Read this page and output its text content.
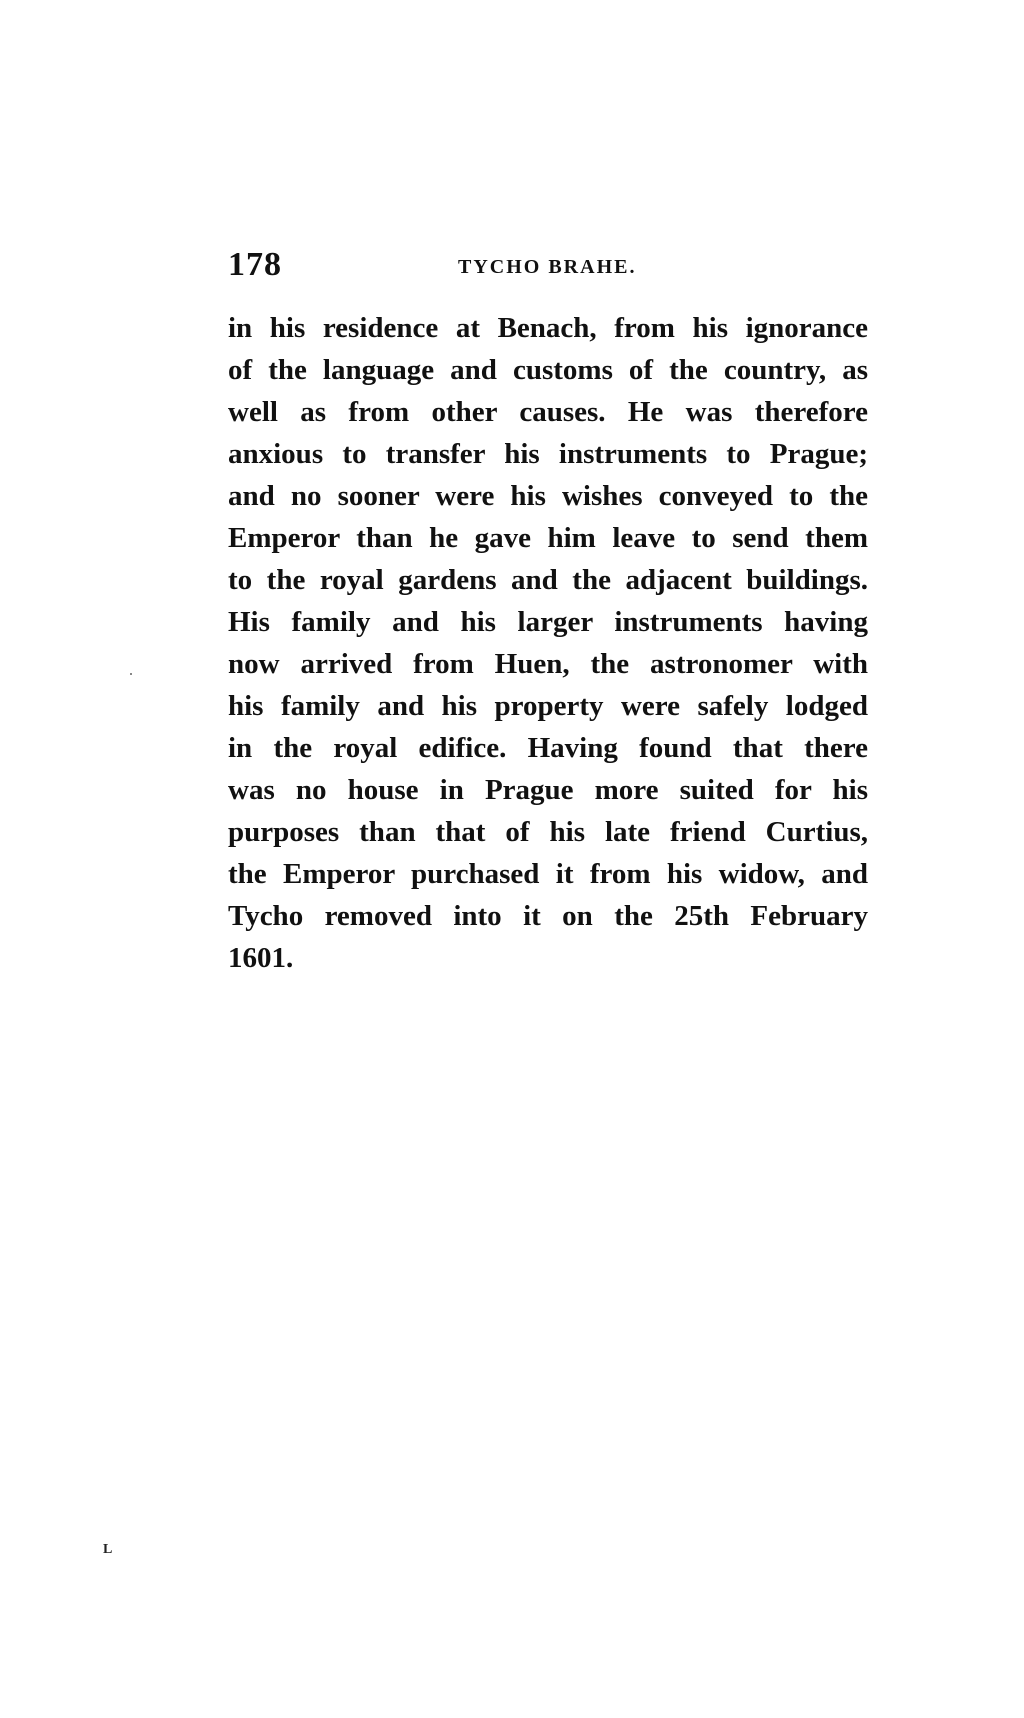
178	TYCHO BRAHE.
in his residence at Benach, from his ignorance
of the language and customs of the country, as
well as from other causes. He was therefore
anxious to transfer his instruments to Prague;
and no sooner were his wishes conveyed to the
Emperor than he gave him leave to send them
to the royal gardens and the adjacent buildings.
His family and his larger instruments having
now arrived from Huen, the astronomer with
his family and his property were safely lodged
in the royal edifice. Having found that there
was no house in Prague more suited for his
purposes than that of his late friend Curtius,
the Emperor purchased it from his widow, and
Tycho removed into it on the 25th February
1601.
L
